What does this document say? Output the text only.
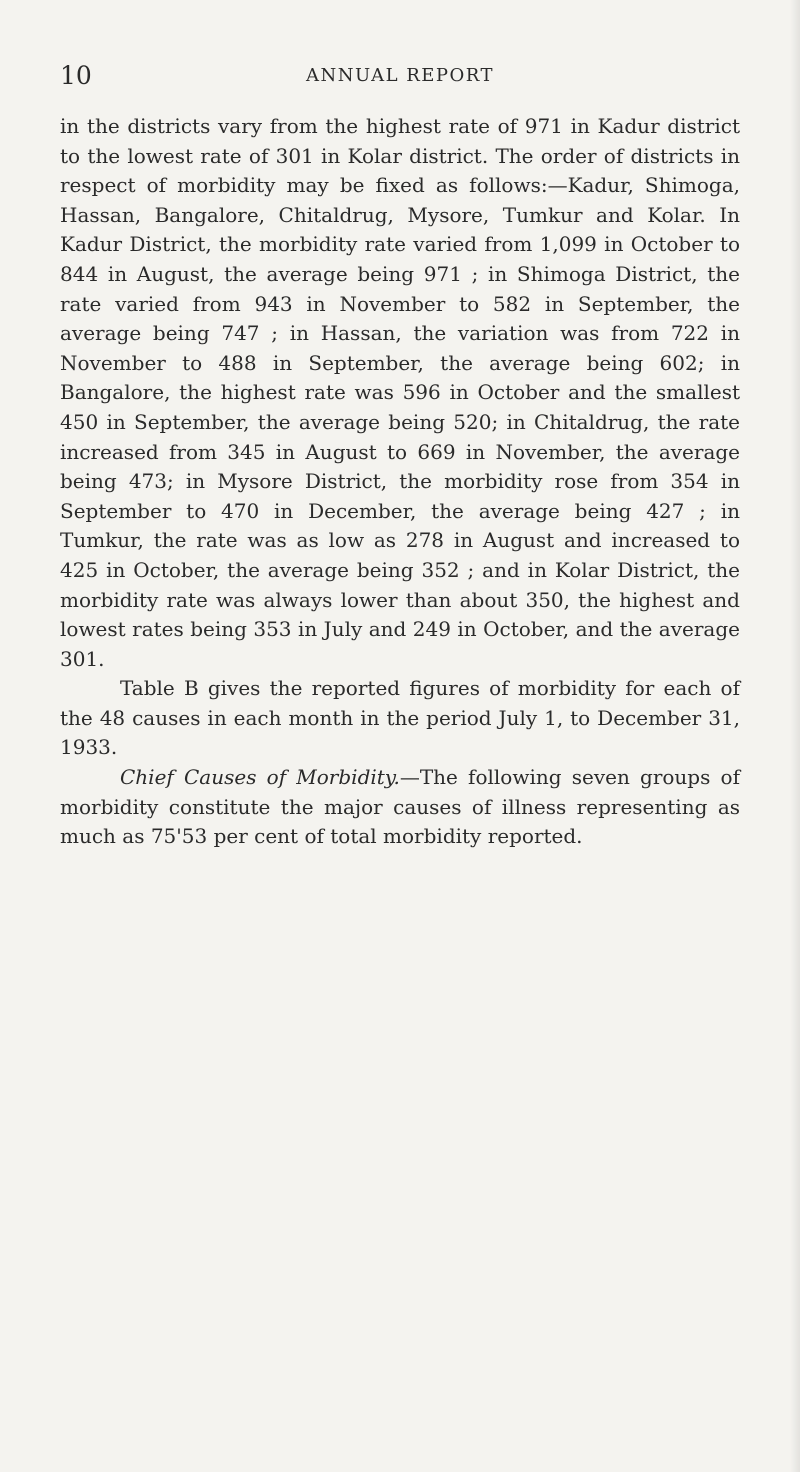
10	ANNUAL REPORT

in the districts vary from the highest rate of 971 in Kadur district to the lowest rate of 301 in Kolar district. The order of districts in respect of morbidity may be fixed as follows:—Kadur, Shimoga, Hassan, Bangalore, Chitaldrug, Mysore, Tumkur and Kolar. In Kadur District, the morbidity rate varied from 1,099 in October to 844 in August, the average being 971 ; in Shimoga District, the rate varied from 943 in November to 582 in September, the average being 747 ; in Hassan, the variation was from 722 in November to 488 in September, the average being 602; in Bangalore, the highest rate was 596 in October and the smallest 450 in September, the average being 520; in Chitaldrug, the rate increased from 345 in August to 669 in November, the average being 473; in Mysore District, the morbidity rose from 354 in September to 470 in December, the average being 427 ; in Tumkur, the rate was as low as 278 in August and increased to 425 in October, the average being 352 ; and in Kolar District, the morbidity rate was always lower than about 350, the highest and lowest rates being 353 in July and 249 in October, and the average 301.

Table B gives the reported figures of morbidity for each of the 48 causes in each month in the period July 1, to December 31, 1933.

Chief Causes of Morbidity.—The following seven groups of morbidity constitute the major causes of illness representing as much as 75'53 per cent of total morbidity reported.
